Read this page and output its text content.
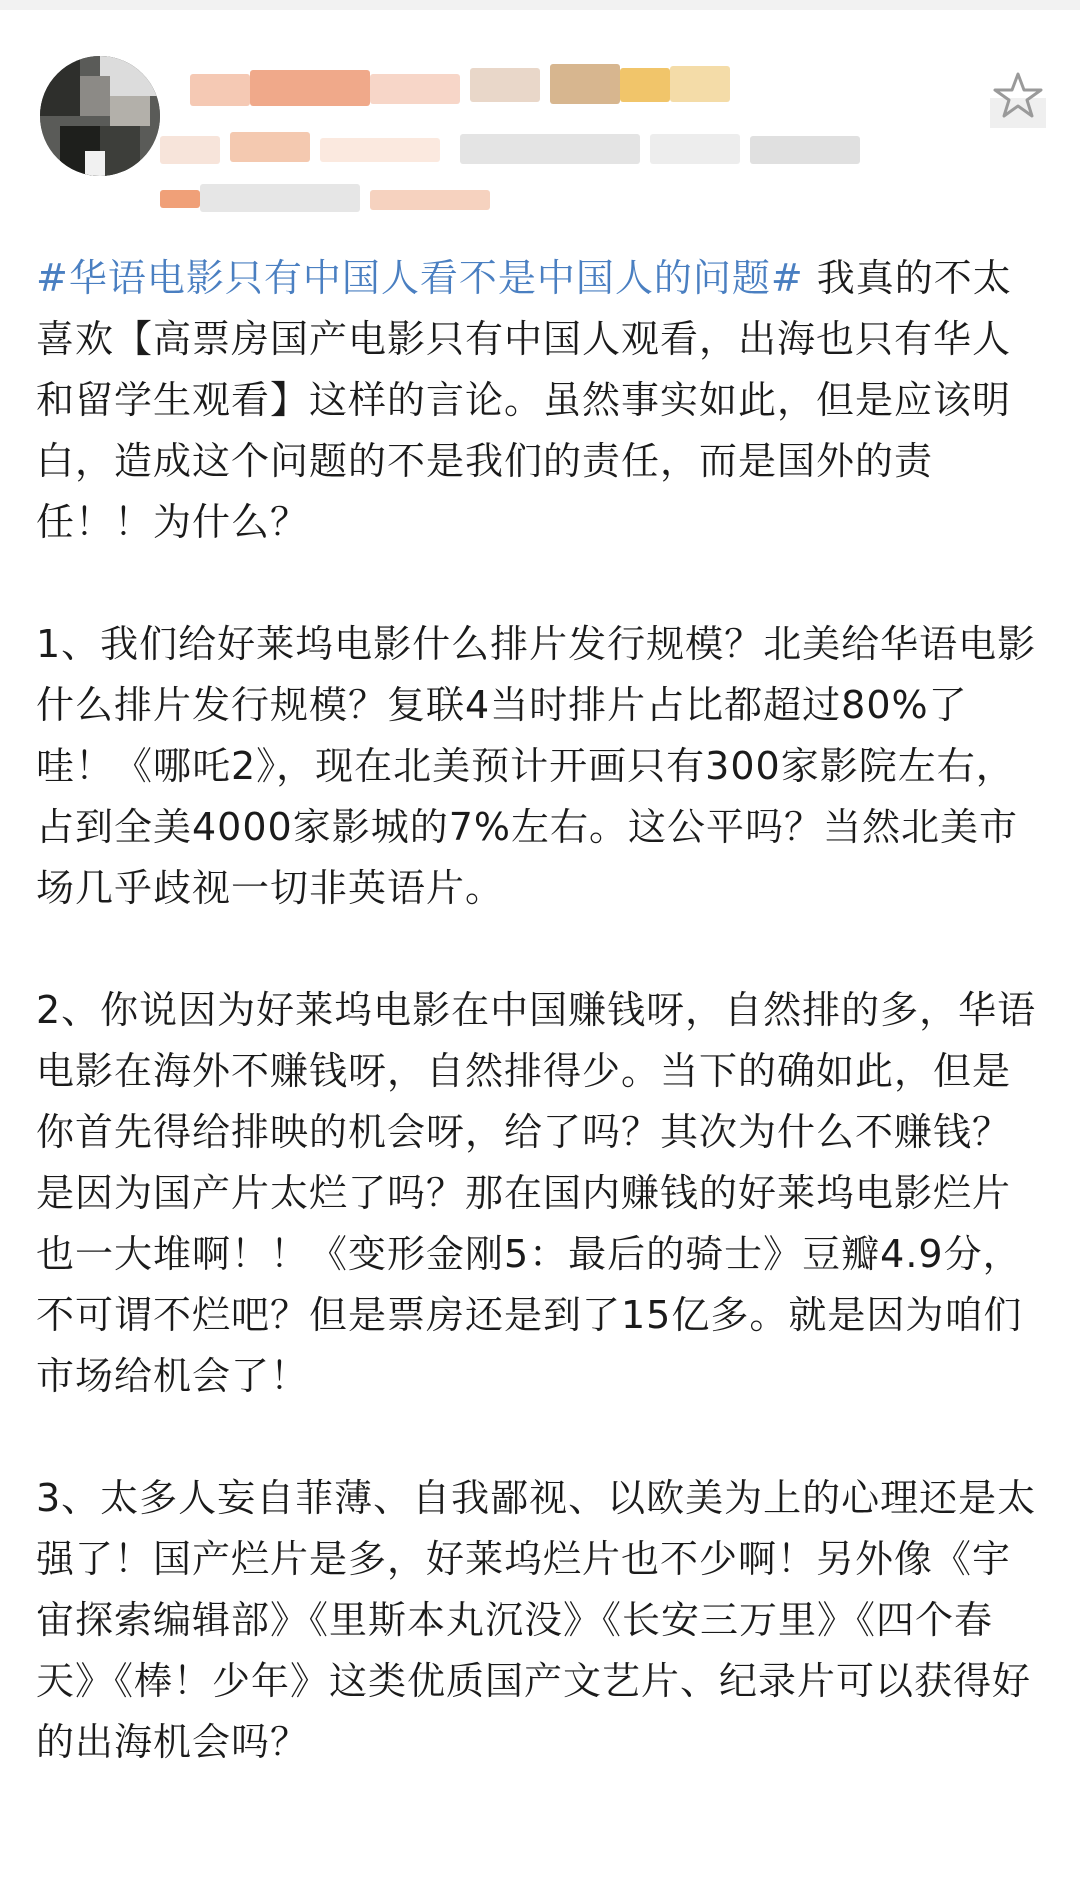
#华语电影只有中国人看不是中国人的问题# 我真的不太喜欢【高票房国产电影只有中国人观看，出海也只有华人和留学生观看】这样的言论。虽然事实如此，但是应该明白，造成这个问题的不是我们的责任，而是国外的责任！！为什么？

1、我们给好莱坞电影什么排片发行规模？北美给华语电影什么排片发行规模？复联4当时排片占比都超过80%了哇！《哪吒2》，现在北美预计开画只有300家影院左右，占到全美4000家影城的7%左右。这公平吗？当然北美市场几乎歧视一切非英语片。

2、你说因为好莱坞电影在中国赚钱呀，自然排的多，华语电影在海外不赚钱呀，自然排得少。当下的确如此，但是你首先得给排映的机会呀，给了吗？其次为什么不赚钱？是因为国产片太烂了吗？那在国内赚钱的好莱坞电影烂片也一大堆啊！！《变形金刚5：最后的骑士》豆瓣4.9分，不可谓不烂吧？但是票房还是到了15亿多。就是因为咱们市场给机会了！

3、太多人妄自菲薄、自我鄙视、以欧美为上的心理还是太强了！国产烂片是多，好莱坞烂片也不少啊！另外像《宇宙探索编辑部》《里斯本丸沉没》《长安三万里》《四个春天》《棒！少年》这类优质国产文艺片、纪录片可以获得好的出海机会吗？
